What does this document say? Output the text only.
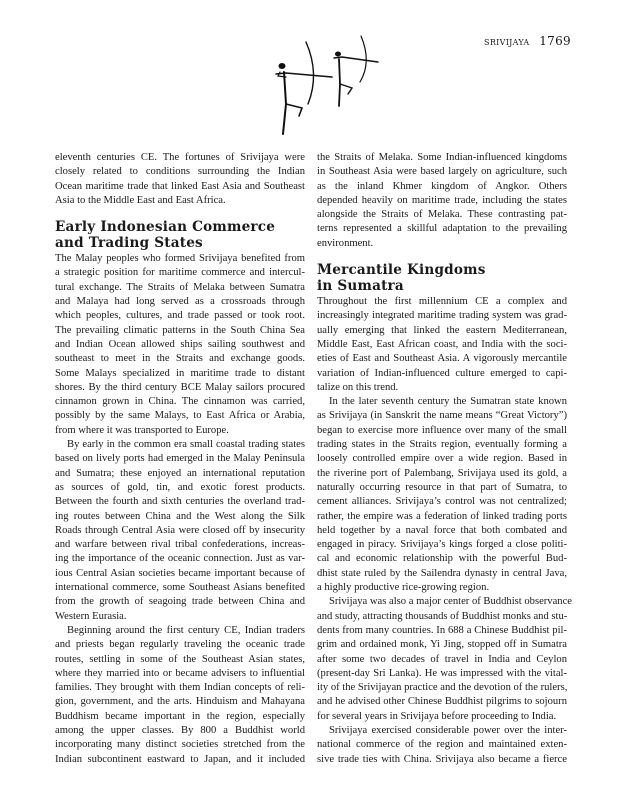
srivijaya 1769
eleventh centuries CE. The fortunes of Srivijaya were
closely related to conditions surrounding the Indian
Ocean maritime trade that linked East Asia and Southeast
Asia to the Middle East and East Africa.
Early Indonesian Commerce
and Trading States
The Malay peoples who formed Srivijaya benefited from
a strategic position for maritime commerce and intercul-
tural exchange. The Straits of Melaka between Sumatra
and Malaya had long served as a crossroads through
which peoples, cultures, and trade passed or took root.
The prevailing climatic patterns in the South China Sea
and Indian Ocean allowed ships sailing southwest and
southeast to meet in the Straits and exchange goods.
Some Malays specialized in maritime trade to distant
shores. By the third century BCE Malay sailors procured
cinnamon grown in China. The cinnamon was carried,
possibly by the same Malays, to East Africa or Arabia,
from where it was transported to Europe.
By early in the common era small coastal trading states
based on lively ports had emerged in the Malay Peninsula
and Sumatra; these enjoyed an international reputation
as sources of gold, tin, and exotic forest products.
Between the fourth and sixth centuries the overland trad-
ing routes between China and the West along the Silk
Roads through Central Asia were closed off by insecurity
and warfare between rival tribal confederations, increas-
ing the importance of the oceanic connection. Just as var-
ious Central Asian societies became important because of
international commerce, some Southeast Asians benefited
from the growth of seagoing trade between China and
Western Eurasia.
Beginning around the first century CE, Indian traders
and priests began regularly traveling the oceanic trade
routes, settling in some of the Southeast Asian states,
where they married into or became advisers to influential
families. They brought with them Indian concepts of reli-
gion, government, and the arts. Hinduism and Mahayana
Buddhism became important in the region, especially
among the upper classes. By 800 a Buddhist world
incorporating many distinct societies stretched from the
Indian subcontinent eastward to Japan, and it included
the Straits of Melaka. Some Indian-influenced kingdoms
in Southeast Asia were based largely on agriculture, such
as the inland Khmer kingdom of Angkor. Others
depended heavily on maritime trade, including the states
alongside the Straits of Melaka. These contrasting pat-
terns represented a skillful adaptation to the prevailing
environment.
Mercantile Kingdoms
in Sumatra
Throughout the first millennium CE a complex and
increasingly integrated maritime trading system was grad-
ually emerging that linked the eastern Mediterranean,
Middle East, East African coast, and India with the soci-
eties of East and Southeast Asia. A vigorously mercantile
variation of Indian-influenced culture emerged to capi-
talize on this trend.
In the later seventh century the Sumatran state known
as Srivijaya (in Sanskrit the name means “Great Victory”)
began to exercise more influence over many of the small
trading states in the Straits region, eventually forming a
loosely controlled empire over a wide region. Based in
the riverine port of Palembang, Srivijaya used its gold, a
naturally occurring resource in that part of Sumatra, to
cement alliances. Srivijaya’s control was not centralized;
rather, the empire was a federation of linked trading ports
held together by a naval force that both combated and
engaged in piracy. Srivijaya’s kings forged a close politi-
cal and economic relationship with the powerful Bud-
dhist state ruled by the Sailendra dynasty in central Java,
a highly productive rice-growing region.
Srivijaya was also a major center of Buddhist observance
and study, attracting thousands of Buddhist monks and stu-
dents from many countries. In 688 a Chinese Buddhist pil-
grim and ordained monk, Yi Jing, stopped off in Sumatra
after some two decades of travel in India and Ceylon
(present-day Sri Lanka). He was impressed with the vital-
ity of the Srivijayan practice and the devotion of the rulers,
and he advised other Chinese Buddhist pilgrims to sojourn
for several years in Srivijaya before proceeding to India.
Srivijaya exercised considerable power over the inter-
national commerce of the region and maintained exten-
sive trade ties with China. Srivijaya also became a fierce
